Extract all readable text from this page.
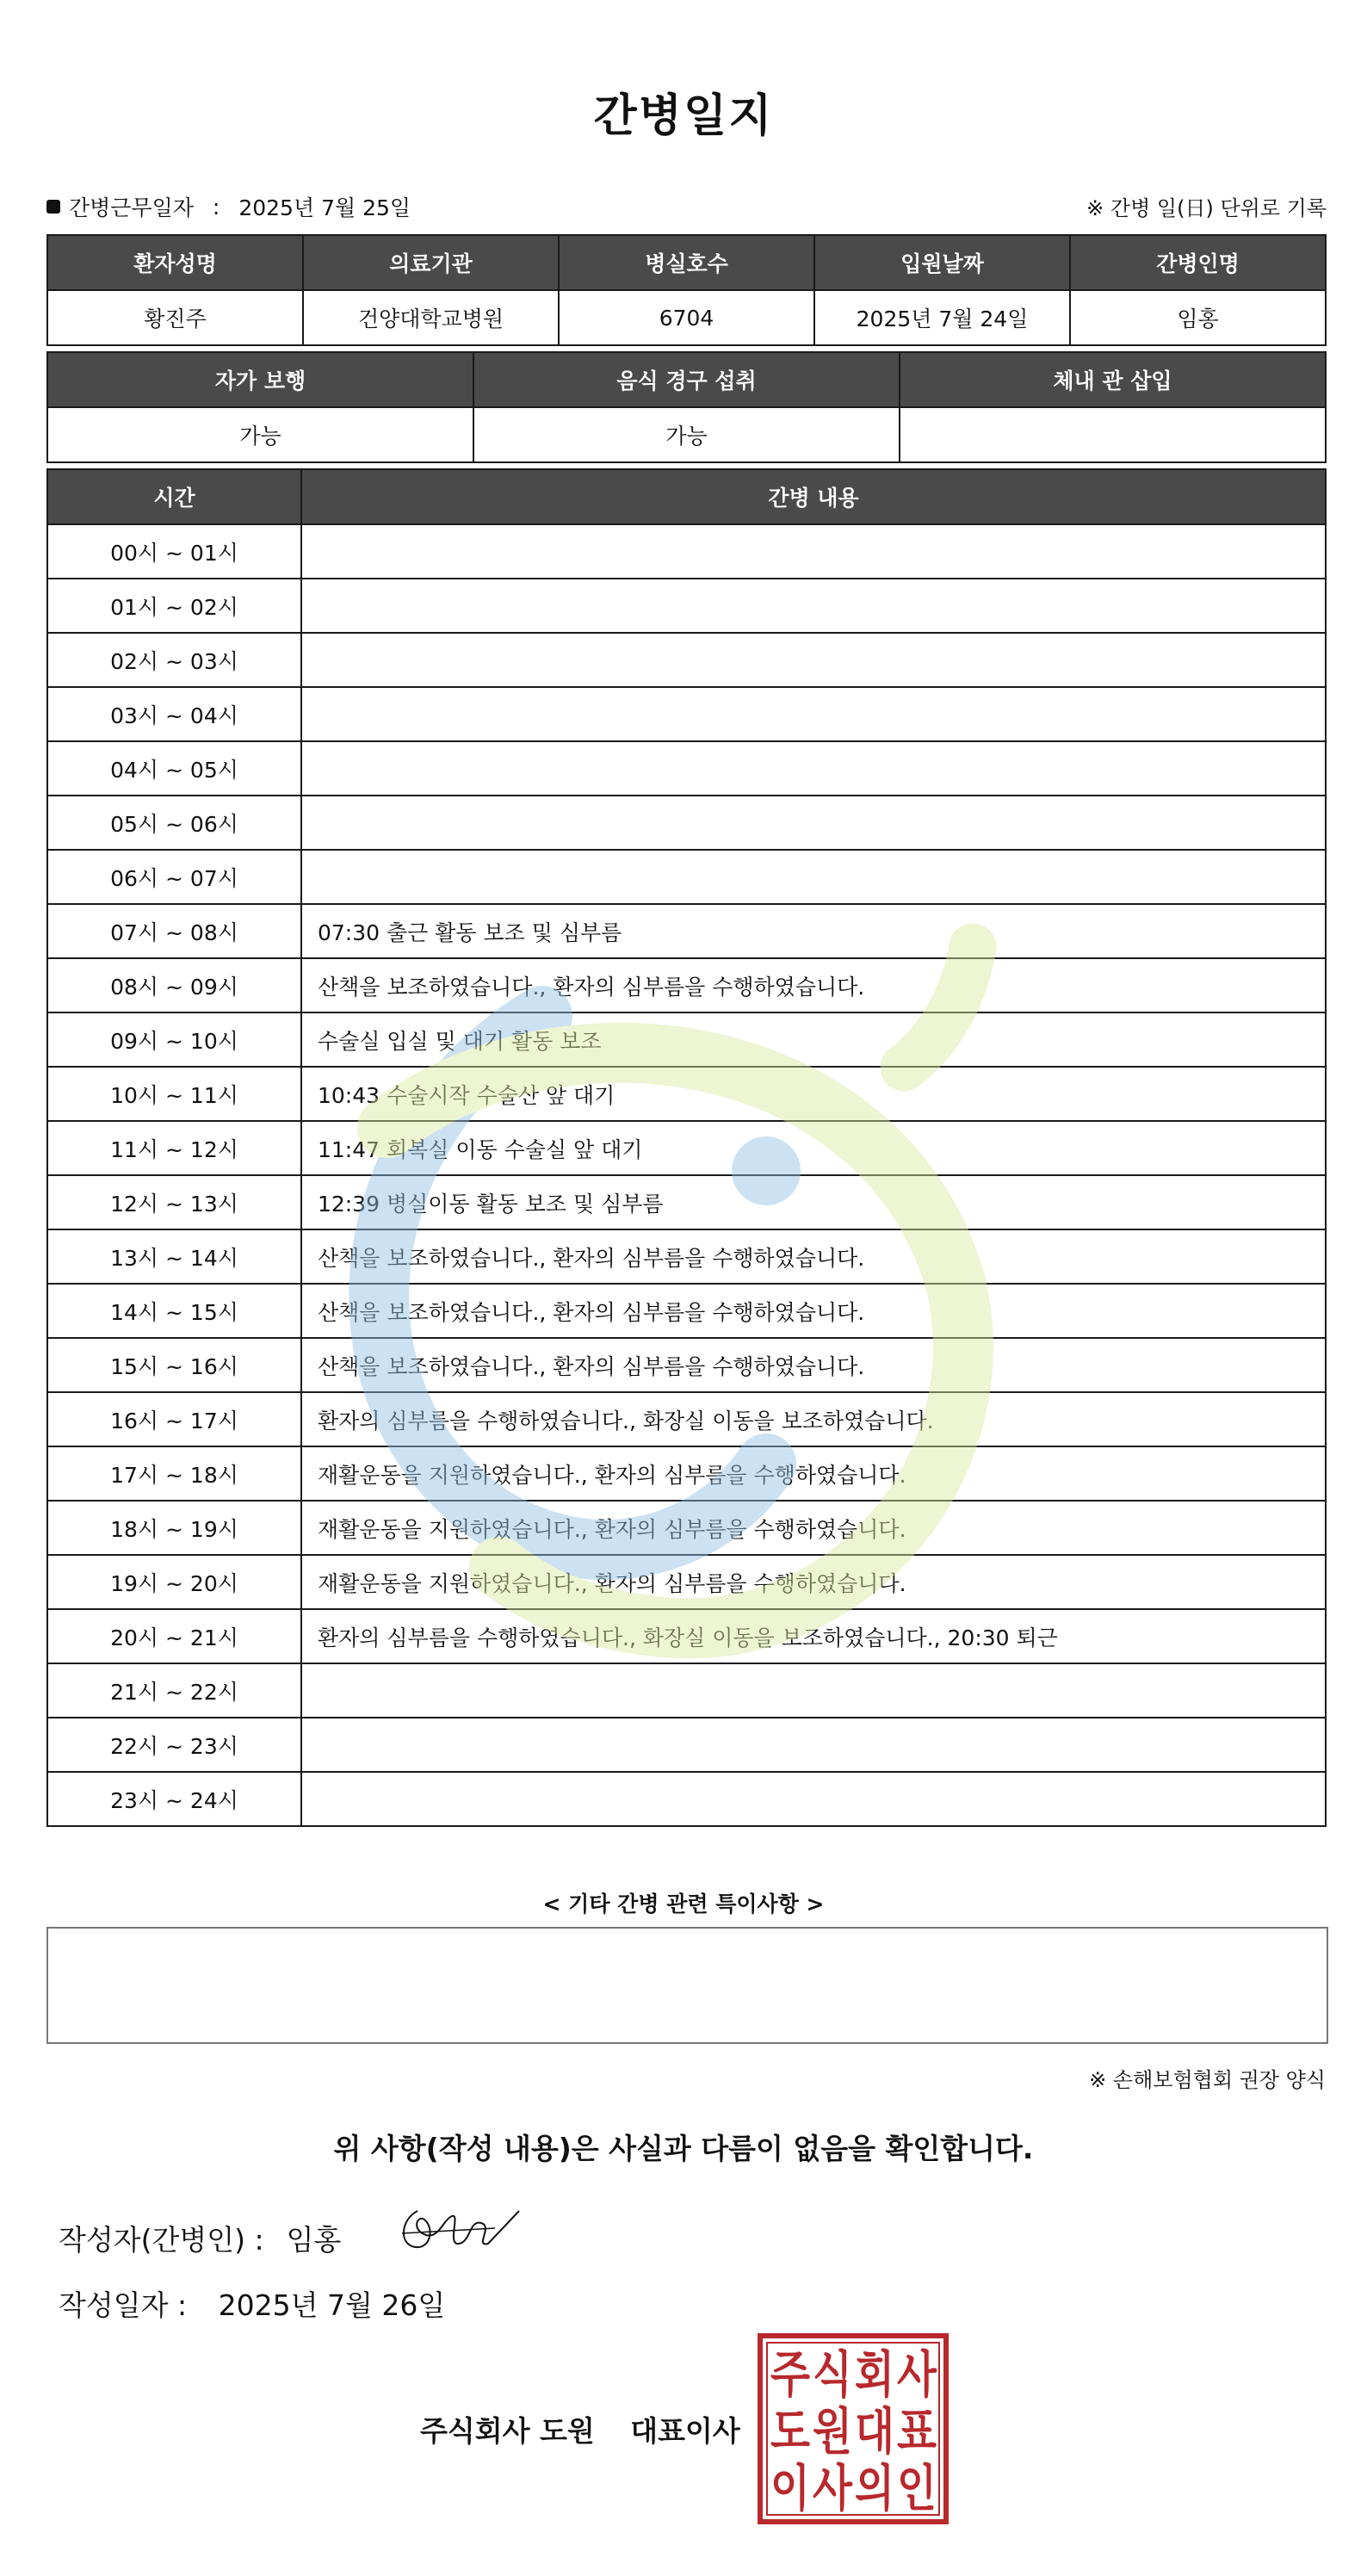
간병일지
간병근무일자 : 2025년 7월 25일	※ 간병 일(日) 단위로 기록
환자성명	의료기관	병실호수	입원날짜	간병인명
황진주	건양대학교병원	6704	2025년 7월 24일	임홍
자가 보행	음식 경구 섭취	체내 관 삽입
가능	가능	
시간	간병 내용
00시 ~ 01시	
01시 ~ 02시	
02시 ~ 03시	
03시 ~ 04시	
04시 ~ 05시	
05시 ~ 06시	
06시 ~ 07시	
07시 ~ 08시	07:30 출근 활동 보조 및 심부름
08시 ~ 09시	산책을 보조하였습니다., 환자의 심부름을 수행하였습니다.
09시 ~ 10시	수술실 입실 및 대기 활동 보조
10시 ~ 11시	10:43 수술시작 수술산 앞 대기
11시 ~ 12시	11:47 회복실 이동 수술실 앞 대기
12시 ~ 13시	12:39 병실이동 활동 보조 및 심부름
13시 ~ 14시	산책을 보조하였습니다., 환자의 심부름을 수행하였습니다.
14시 ~ 15시	산책을 보조하였습니다., 환자의 심부름을 수행하였습니다.
15시 ~ 16시	산책을 보조하였습니다., 환자의 심부름을 수행하였습니다.
16시 ~ 17시	환자의 심부름을 수행하였습니다., 화장실 이동을 보조하였습니다.
17시 ~ 18시	재활운동을 지원하였습니다., 환자의 심부름을 수행하였습니다.
18시 ~ 19시	재활운동을 지원하였습니다., 환자의 심부름을 수행하였습니다.
19시 ~ 20시	재활운동을 지원하였습니다., 환자의 심부름을 수행하였습니다.
20시 ~ 21시	환자의 심부름을 수행하였습니다., 화장실 이동을 보조하였습니다., 20:30 퇴근
21시 ~ 22시	
22시 ~ 23시	
23시 ~ 24시	
< 기타 간병 관련 특이사항 >
※ 손해보험협회 권장 양식
위 사항(작성 내용)은 사실과 다름이 없음을 확인합니다.
작성자(간병인) : 임홍
작성일자 : 2025년 7월 26일
주식회사 도원 대표이사
주 식 회 사
도 원 대 표
이 사 의 인
